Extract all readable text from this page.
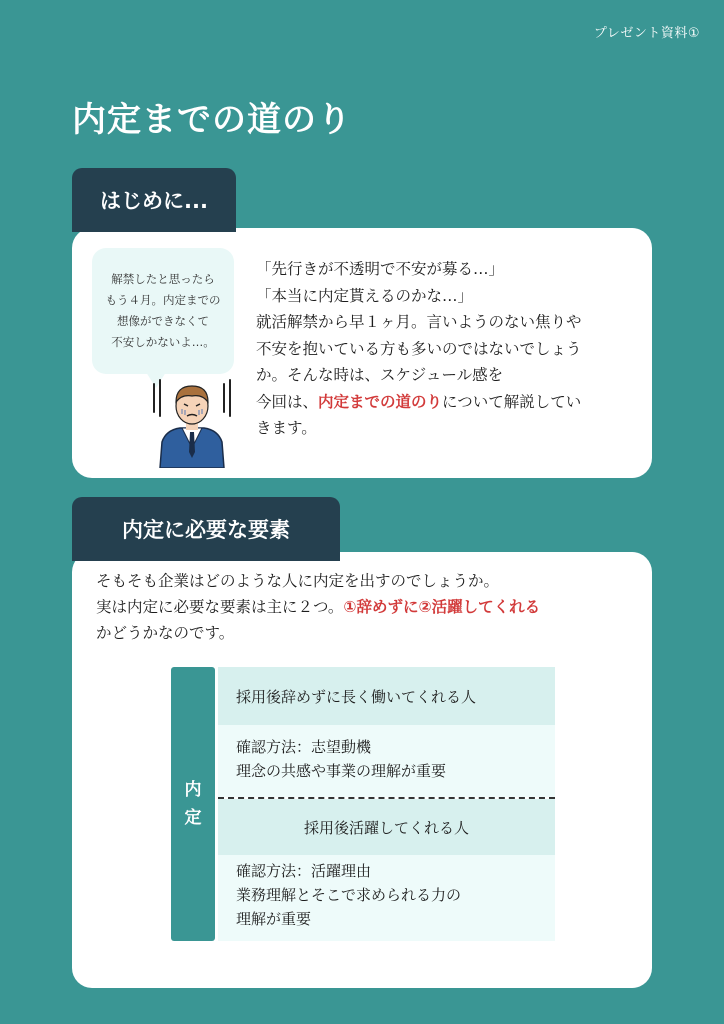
プレゼント資料①
内定までの道のり
解禁したと思ったら
もう４月。内定までの
想像ができなくて
不安しかないよ…。
「先行きが不透明で不安が募る…」
「本当に内定貰えるのかな…」
就活解禁から早１ヶ月。言いようのない焦りや
不安を抱いている方も多いのではないでしょう
か。そんな時は、スケジュール感を
今回は、内定までの道のりについて解説してい
きます。
はじめに...
そもそも企業はどのような人に内定を出すのでしょうか。
実は内定に必要な要素は主に２つ。①辞めずに②活躍してくれる
かどうかなのです。
内
定
採用後辞めずに長く働いてくれる人
確認方法：志望動機
理念の共感や事業の理解が重要
採用後活躍してくれる人
確認方法：活躍理由
業務理解とそこで求められる力の
理解が重要
内定に必要な要素
